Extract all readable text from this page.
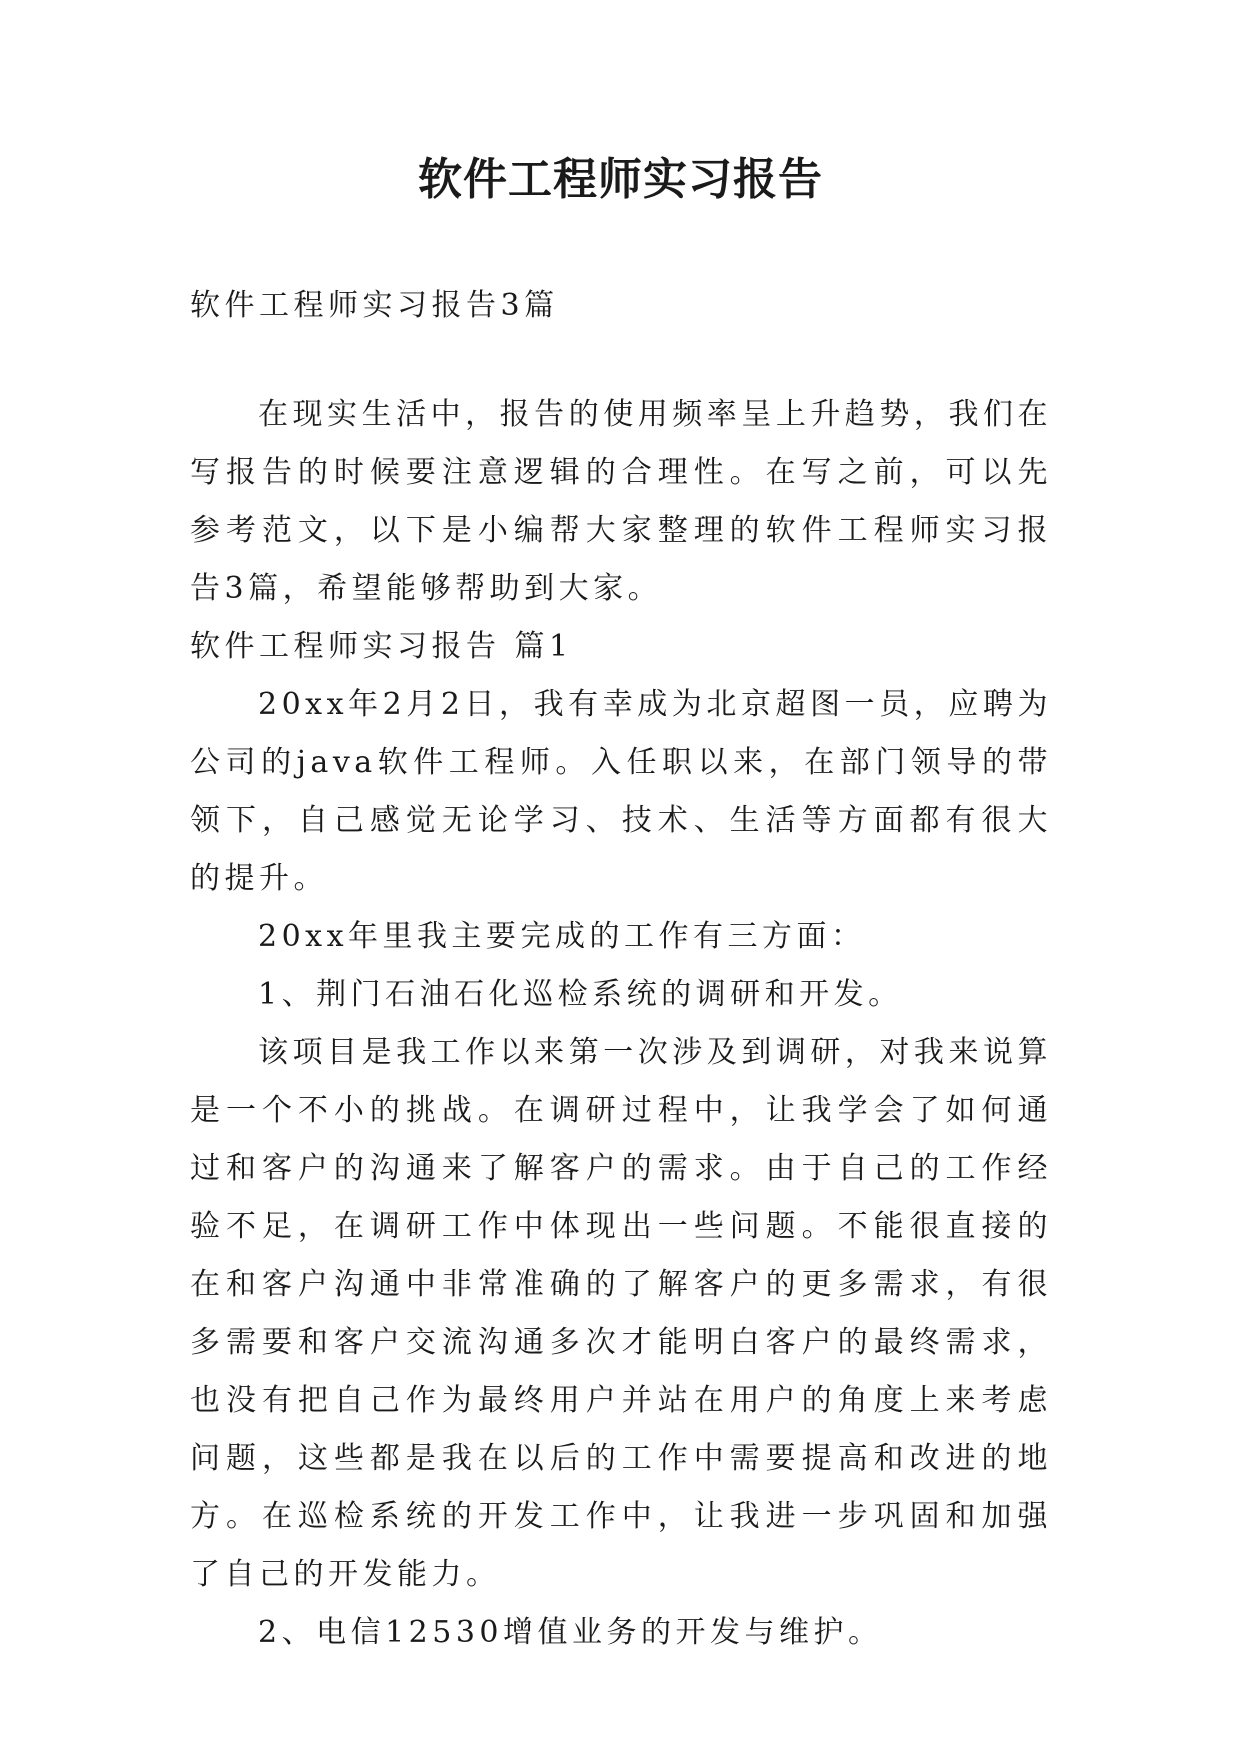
软件工程师实习报告

软件工程师实习报告3篇

在现实生活中，报告的使用频率呈上升趋势，我们在写报告的时候要注意逻辑的合理性。在写之前，可以先参考范文，以下是小编帮大家整理的软件工程师实习报告3篇，希望能够帮助到大家。

软件工程师实习报告 篇1

20xx年2月2日，我有幸成为北京超图一员，应聘为公司的java软件工程师。入任职以来，在部门领导的带领下，自己感觉无论学习、技术、生活等方面都有很大的提升。

20xx年里我主要完成的工作有三方面：

1、荆门石油石化巡检系统的调研和开发。

该项目是我工作以来第一次涉及到调研，对我来说算是一个不小的挑战。在调研过程中，让我学会了如何通过和客户的沟通来了解客户的需求。由于自己的工作经验不足，在调研工作中体现出一些问题。不能很直接的在和客户沟通中非常准确的了解客户的更多需求，有很多需要和客户交流沟通多次才能明白客户的最终需求，也没有把自己作为最终用户并站在用户的角度上来考虑问题，这些都是我在以后的工作中需要提高和改进的地方。在巡检系统的开发工作中，让我进一步巩固和加强了自己的开发能力。

2、电信12530增值业务的开发与维护。
